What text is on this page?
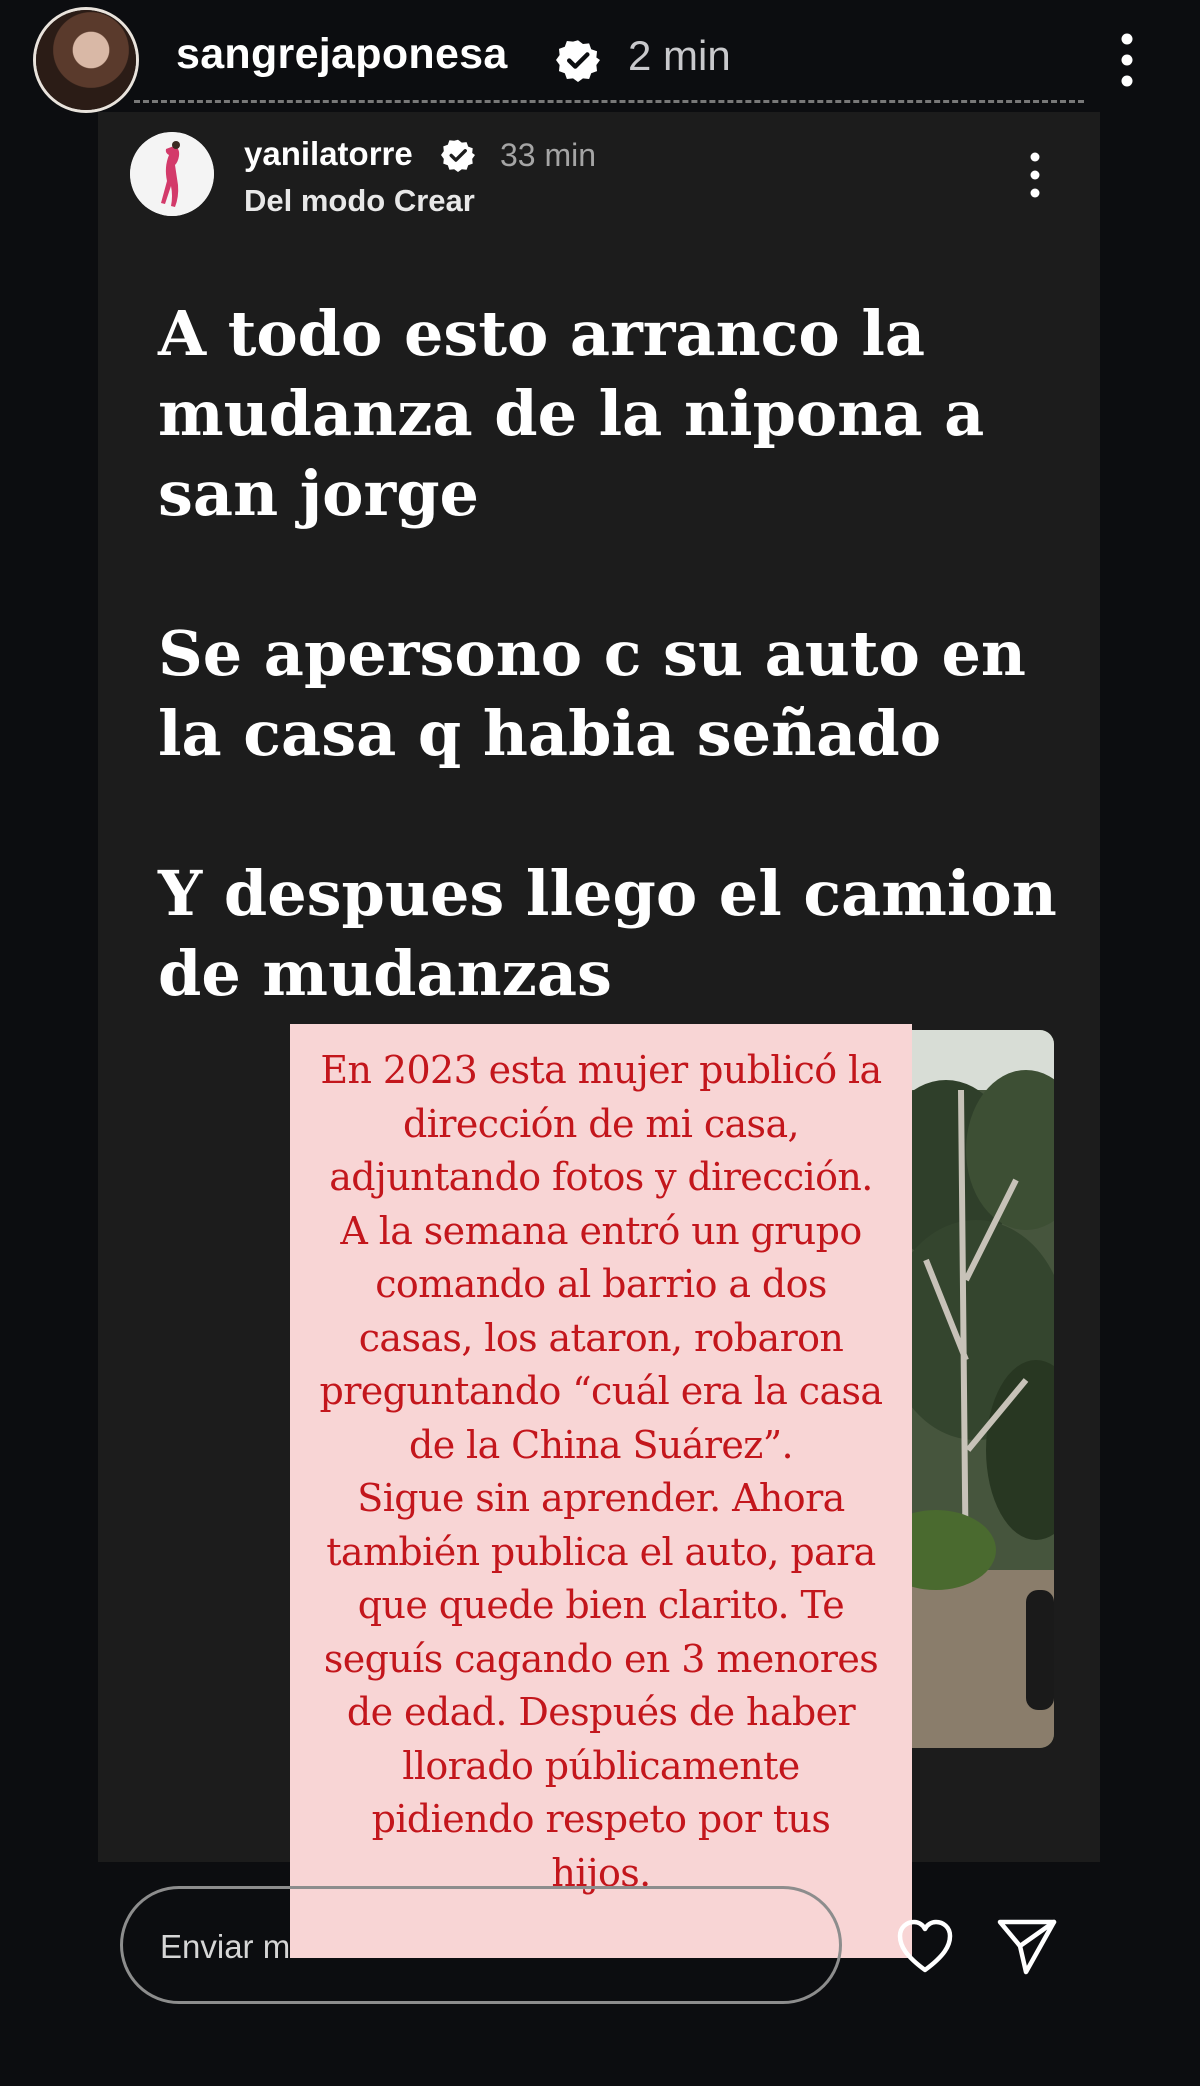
sangrejaponesa	2 min
yanilatorre	33 min
Del modo Crear

A todo esto arranco la mudanza de la nipona a san jorge

Se apersono c su auto en la casa q habia señado

Y despues llego el camion de mudanzas

En 2023 esta mujer publicó la
dirección de mi casa,
adjuntando fotos y dirección.
A la semana entró un grupo
comando al barrio a dos
casas, los ataron, robaron
preguntando “cuál era la casa
de la China Suárez”.
Sigue sin aprender. Ahora
también publica el auto, para
que quede bien clarito. Te
seguís cagando en 3 menores
de edad. Después de haber
llorado públicamente
pidiendo respeto por tus
hijos.
Enviar m
